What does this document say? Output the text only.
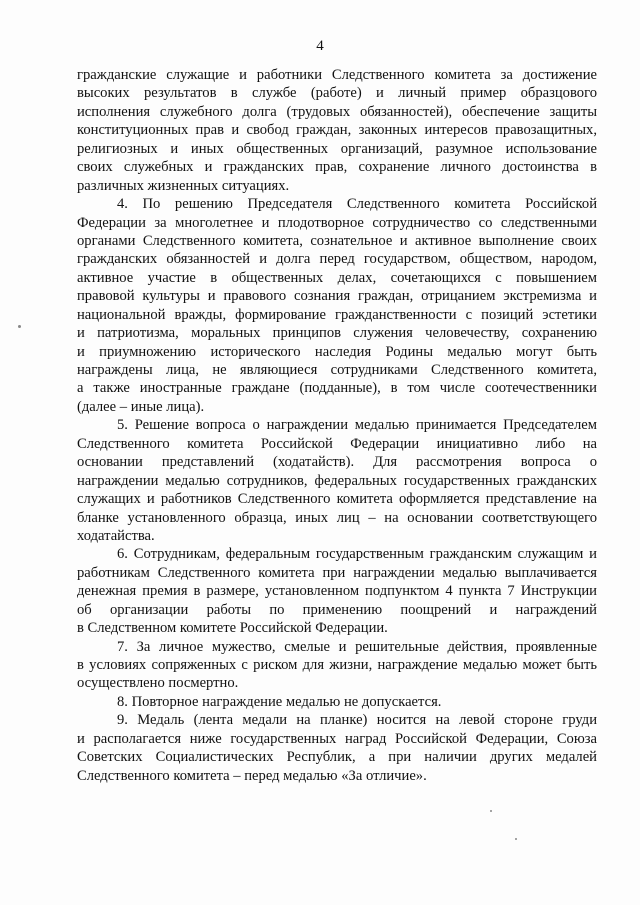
4
гражданские служащие и работники Следственного комитета за достижение
высоких результатов в службе (работе) и личный пример образцового
исполнения служебного долга (трудовых обязанностей), обеспечение защиты
конституционных прав и свобод граждан, законных интересов правозащитных,
религиозных и иных общественных организаций, разумное использование
своих служебных и гражданских прав, сохранение личного достоинства в
различных жизненных ситуациях.
4. По решению Председателя Следственного комитета Российской
Федерации за многолетнее и плодотворное сотрудничество со следственными
органами Следственного комитета, сознательное и активное выполнение своих
гражданских обязанностей и долга перед государством, обществом, народом,
активное участие в общественных делах, сочетающихся с повышением
правовой культуры и правового сознания граждан, отрицанием экстремизма и
национальной вражды, формирование гражданственности с позиций эстетики
и патриотизма, моральных принципов служения человечеству, сохранению
и приумножению исторического наследия Родины медалью могут быть
награждены лица, не являющиеся сотрудниками Следственного комитета,
а также иностранные граждане (подданные), в том числе соотечественники
(далее – иные лица).
5. Решение вопроса о награждении медалью принимается Председателем
Следственного комитета Российской Федерации инициативно либо на
основании представлений (ходатайств). Для рассмотрения вопроса о
награждении медалью сотрудников, федеральных государственных гражданских
служащих и работников Следственного комитета оформляется представление на
бланке установленного образца, иных лиц – на основании соответствующего
ходатайства.
6. Сотрудникам, федеральным государственным гражданским служащим и
работникам Следственного комитета при награждении медалью выплачивается
денежная премия в размере, установленном подпунктом 4 пункта 7 Инструкции
об организации работы по применению поощрений и награждений
в Следственном комитете Российской Федерации.
7. За личное мужество, смелые и решительные действия, проявленные
в условиях сопряженных с риском для жизни, награждение медалью может быть
осуществлено посмертно.
8. Повторное награждение медалью не допускается.
9. Медаль (лента медали на планке) носится на левой стороне груди
и располагается ниже государственных наград Российской Федерации, Союза
Советских Социалистических Республик, а при наличии других медалей
Следственного комитета – перед медалью «За отличие».
